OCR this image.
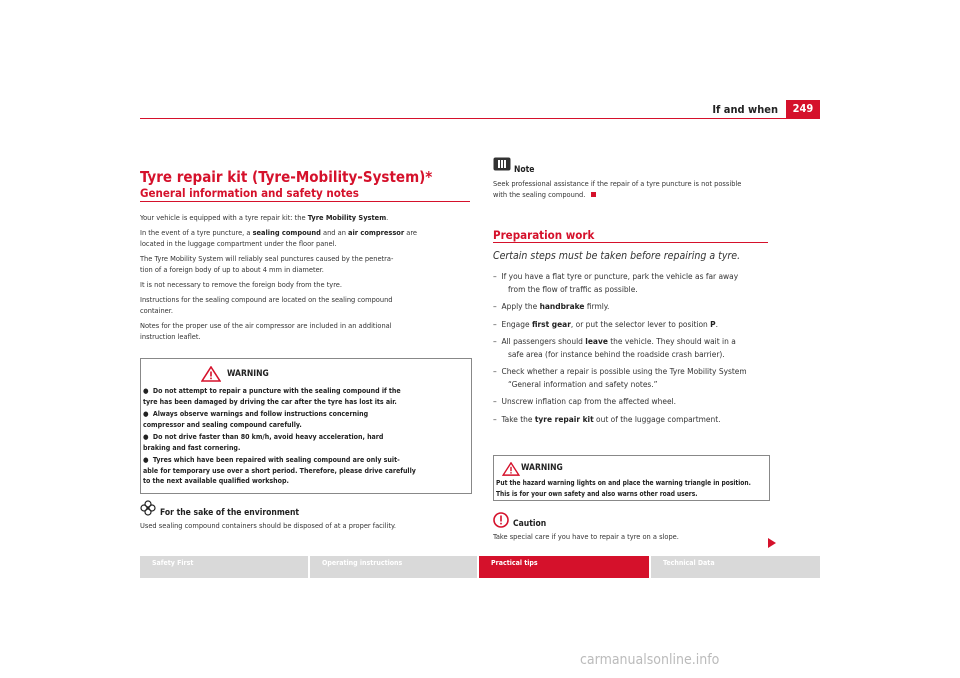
If and when	249
Tyre repair kit (Tyre-Mobility-System)*
General information and safety notes
Your vehicle is equipped with a tyre repair kit: the Tyre Mobility System.
In the event of a tyre puncture, a sealing compound and an air compressor are
located in the luggage compartment under the floor panel.
The Tyre Mobility System will reliably seal punctures caused by the penetra-
tion of a foreign body of up to about 4 mm in diameter.
It is not necessary to remove the foreign body from the tyre.
Instructions for the sealing compound are located on the sealing compound
container.
Notes for the proper use of the air compressor are included in an additional
instruction leaflet.
WARNING
●  Do not attempt to repair a puncture with the sealing compound if the
tyre has been damaged by driving the car after the tyre has lost its air.
●  Always observe warnings and follow instructions concerning
compressor and sealing compound carefully.
●  Do not drive faster than 80 km/h, avoid heavy acceleration, hard
braking and fast cornering.
●  Tyres which have been repaired with sealing compound are only suit-
able for temporary use over a short period. Therefore, please drive carefully
to the next available qualified workshop.
For the sake of the environment
Used sealing compound containers should be disposed of at a proper facility.
Note
Seek professional assistance if the repair of a tyre puncture is not possible
with the sealing compound.
Preparation work
Certain steps must be taken before repairing a tyre.
–  If you have a flat tyre or puncture, park the vehicle as far away
from the flow of traffic as possible.
–  Apply the handbrake firmly.
–  Engage first gear, or put the selector lever to position P.
–  All passengers should leave the vehicle. They should wait in a
safe area (for instance behind the roadside crash barrier).
–  Check whether a repair is possible using the Tyre Mobility System
“General information and safety notes.”
–  Unscrew inflation cap from the affected wheel.
–  Take the tyre repair kit out of the luggage compartment.
WARNING
Put the hazard warning lights on and place the warning triangle in position.
This is for your own safety and also warns other road users.
Caution
Take special care if you have to repair a tyre on a slope.
Safety First	Operating instructions	Practical tips	Technical Data
carmanualsonline.info
